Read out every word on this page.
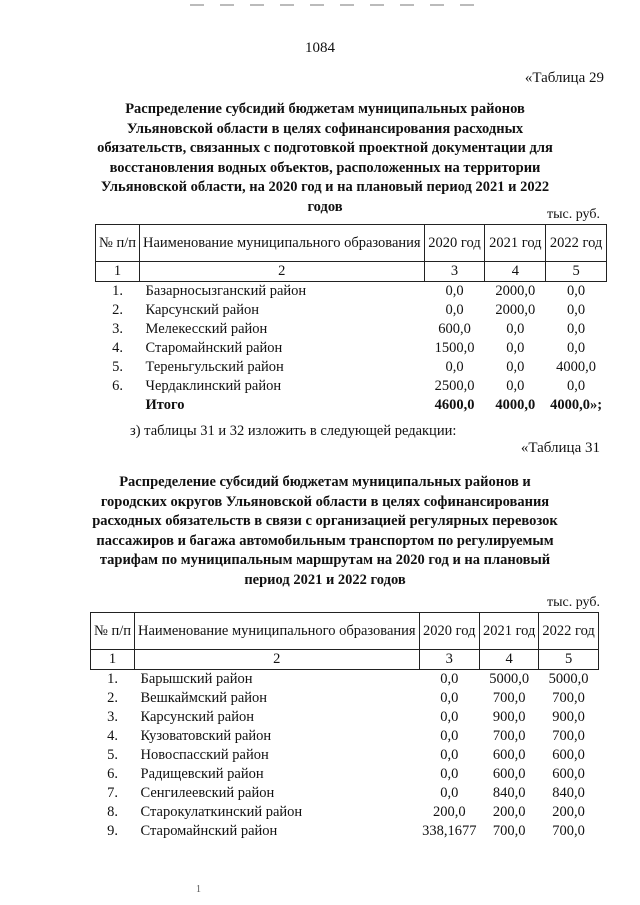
1084
«Таблица 29
Распределение субсидий бюджетам муниципальных районов Ульяновской области в целях софинансирования расходных обязательств, связанных с подготовкой проектной документации для восстановления водных объектов, расположенных на территории Ульяновской области, на 2020 год и на плановый период 2021 и 2022 годов	тыс. руб.
№ п/п	Наименование муниципального образования	2020 год	2021 год	2022 год
1	2	3	4	5
1.	Базарносызганский район	0,0	2000,0	0,0
2.	Карсунский район	0,0	2000,0	0,0
3.	Мелекесский район	600,0	0,0	0,0
4.	Старомайнский район	1500,0	0,0	0,0
5.	Тереньгульский район	0,0	0,0	4000,0
6.	Чердаклинский район	2500,0	0,0	0,0
	Итого	4600,0	4000,0	4000,0»;
з) таблицы 31 и 32 изложить в следующей редакции:
«Таблица 31
Распределение субсидий бюджетам муниципальных районов и городских округов Ульяновской области в целях софинансирования расходных обязательств в связи с организацией регулярных перевозок пассажиров и багажа автомобильным транспортом по регулируемым тарифам по муниципальным маршрутам на 2020 год и на плановый период 2021 и 2022 годов
тыс. руб.
№ п/п	Наименование муниципального образования	2020 год	2021 год	2022 год
1	2	3	4	5
1.	Барышский район	0,0	5000,0	5000,0
2.	Вешкаймский район	0,0	700,0	700,0
3.	Карсунский район	0,0	900,0	900,0
4.	Кузоватовский район	0,0	700,0	700,0
5.	Новоспасский район	0,0	600,0	600,0
6.	Радищевский район	0,0	600,0	600,0
7.	Сенгилеевский район	0,0	840,0	840,0
8.	Старокулаткинский район	200,0	200,0	200,0
9.	Старомайнский район	338,1677	700,0	700,0
1
